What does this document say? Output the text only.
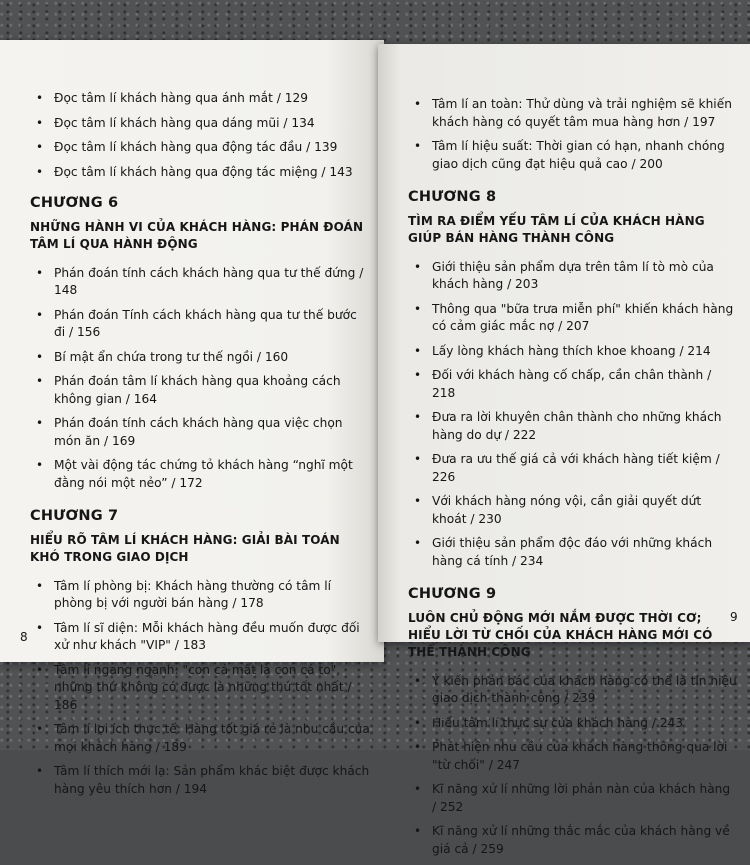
• Đọc tâm lí khách hàng qua ánh mắt / 129
• Đọc tâm lí khách hàng qua dáng mũi / 134
• Đọc tâm lí khách hàng qua động tác đầu / 139
• Đọc tâm lí khách hàng qua động tác miệng / 143
CHƯƠNG 6
NHỮNG HÀNH VI CỦA KHÁCH HÀNG: PHÁN ĐOÁN TÂM LÍ QUA HÀNH ĐỘNG
• Phán đoán tính cách khách hàng qua tư thế đứng / 148
• Phán đoán Tính cách khách hàng qua tư thế bước đi / 156
• Bí mật ẩn chứa trong tư thế ngồi / 160
• Phán đoán tâm lí khách hàng qua khoảng cách không gian / 164
• Phán đoán tính cách khách hàng qua việc chọn món ăn / 169
• Một vài động tác chứng tỏ khách hàng “nghĩ một đằng nói một nẻo” / 172
CHƯƠNG 7
HIỂU RÕ TÂM LÍ KHÁCH HÀNG: GIẢI BÀI TOÁN KHÓ TRONG GIAO DỊCH
• Tâm lí phòng bị: Khách hàng thường có tâm lí phòng bị với người bán hàng / 178
• Tâm lí sĩ diện: Mỗi khách hàng đều muốn được đối xử như khách "VIP" / 183
• Tâm lí ngang ngạnh: "con cá mất là con cá to", những thứ không có được là những thứ tốt nhất / 186
• Tâm lí lợi ích thực tế: Hàng tốt giá rẻ là nhu cầu của mọi khách hàng / 189
• Tâm lí thích mới lạ: Sản phẩm khác biệt được khách hàng yêu thích hơn / 194
8
• Tâm lí an toàn: Thử dùng và trải nghiệm sẽ khiến khách hàng có quyết tâm mua hàng hơn / 197
• Tâm lí hiệu suất: Thời gian có hạn, nhanh chóng giao dịch cũng đạt hiệu quả cao / 200
CHƯƠNG 8
TÌM RA ĐIỂM YẾU TÂM LÍ CỦA KHÁCH HÀNG GIÚP BÁN HÀNG THÀNH CÔNG
• Giới thiệu sản phẩm dựa trên tâm lí tò mò của khách hàng / 203
• Thông qua "bữa trưa miễn phí" khiến khách hàng có cảm giác mắc nợ / 207
• Lấy lòng khách hàng thích khoe khoang / 214
• Đối với khách hàng cố chấp, cần chân thành / 218
• Đưa ra lời khuyên chân thành cho những khách hàng do dự / 222
• Đưa ra ưu thế giá cả với khách hàng tiết kiệm / 226
• Với khách hàng nóng vội, cần giải quyết dứt khoát / 230
• Giới thiệu sản phẩm độc đáo với những khách hàng cá tính / 234
CHƯƠNG 9
LUÔN CHỦ ĐỘNG MỚI NẮM ĐƯỢC THỜI CƠ; HIỂU LỜI TỪ CHỐI CỦA KHÁCH HÀNG MỚI CÓ THỂ THÀNH CÔNG
• Ý kiến phản bác của khách hàng có thể là tín hiệu giao dịch thành công / 239
• Hiểu tâm lí thực sự của khách hàng / 243
• Phát hiện nhu cầu của khách hàng thông qua lời "từ chối" / 247
• Kĩ năng xử lí những lời phản nàn của khách hàng / 252
• Kĩ năng xử lí những thắc mắc của khách hàng về giá cả / 259
9
